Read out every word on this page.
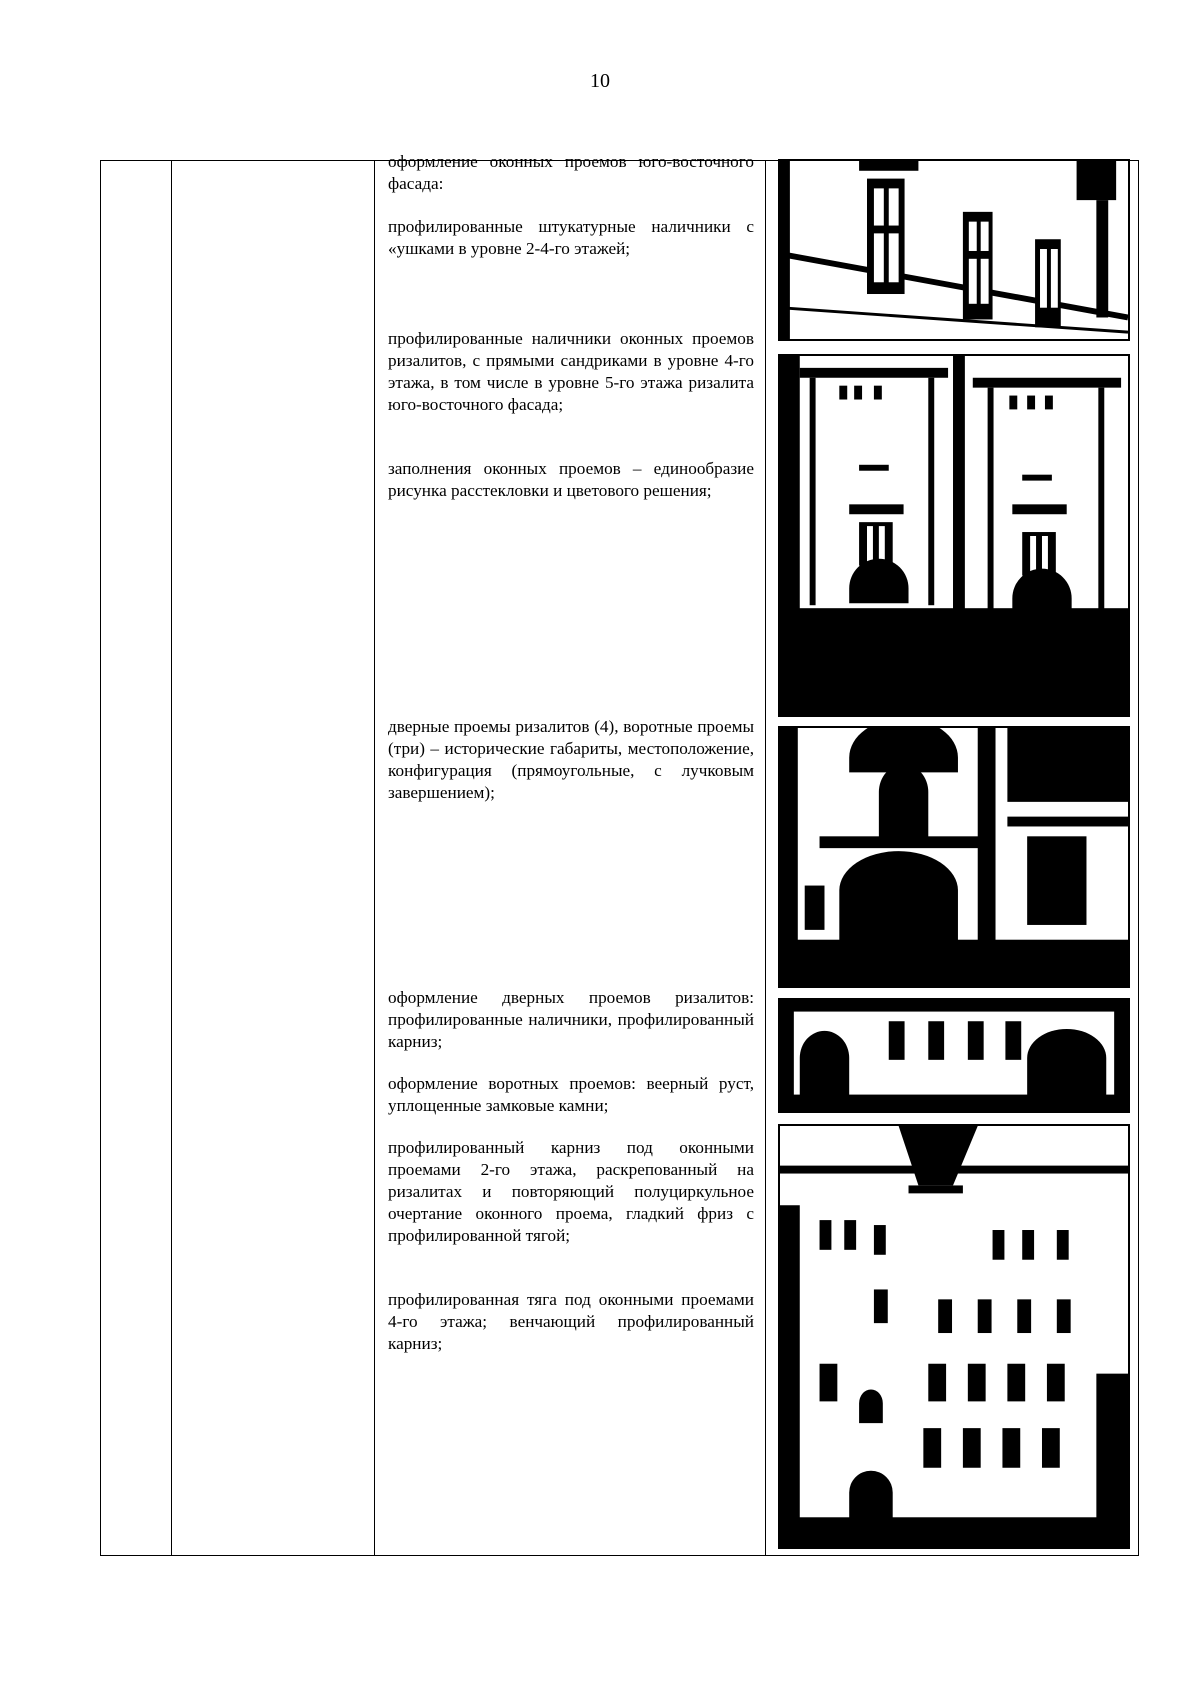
10
оформление оконных проемов юго-восточного фасада:
профилированные штукатурные наличники с «ушками в уровне 2-4-го этажей;
профилированные наличники оконных проемов ризалитов, с прямыми сандриками в уровне 4-го этажа, в том числе в уровне 5-го этажа ризалита юго-восточного фасада;
заполнения оконных проемов – единообразие рисунка расстекловки и цветового решения;
дверные проемы ризалитов (4), воротные проемы (три) – исторические габариты, местоположение, конфигурация (прямоугольные, с лучковым завершением);
оформление дверных проемов ризалитов: профилированные наличники, профилированный карниз;
оформление воротных проемов: веерный руст, уплощенные замковые камни;
профилированный карниз под оконными проемами 2-го этажа, раскрепованный на ризалитах и повторяющий полуциркульное очертание оконного проема, гладкий фриз с профилированной тягой;
профилированная тяга под оконными проемами 4-го этажа; венчающий профилированный карниз;
